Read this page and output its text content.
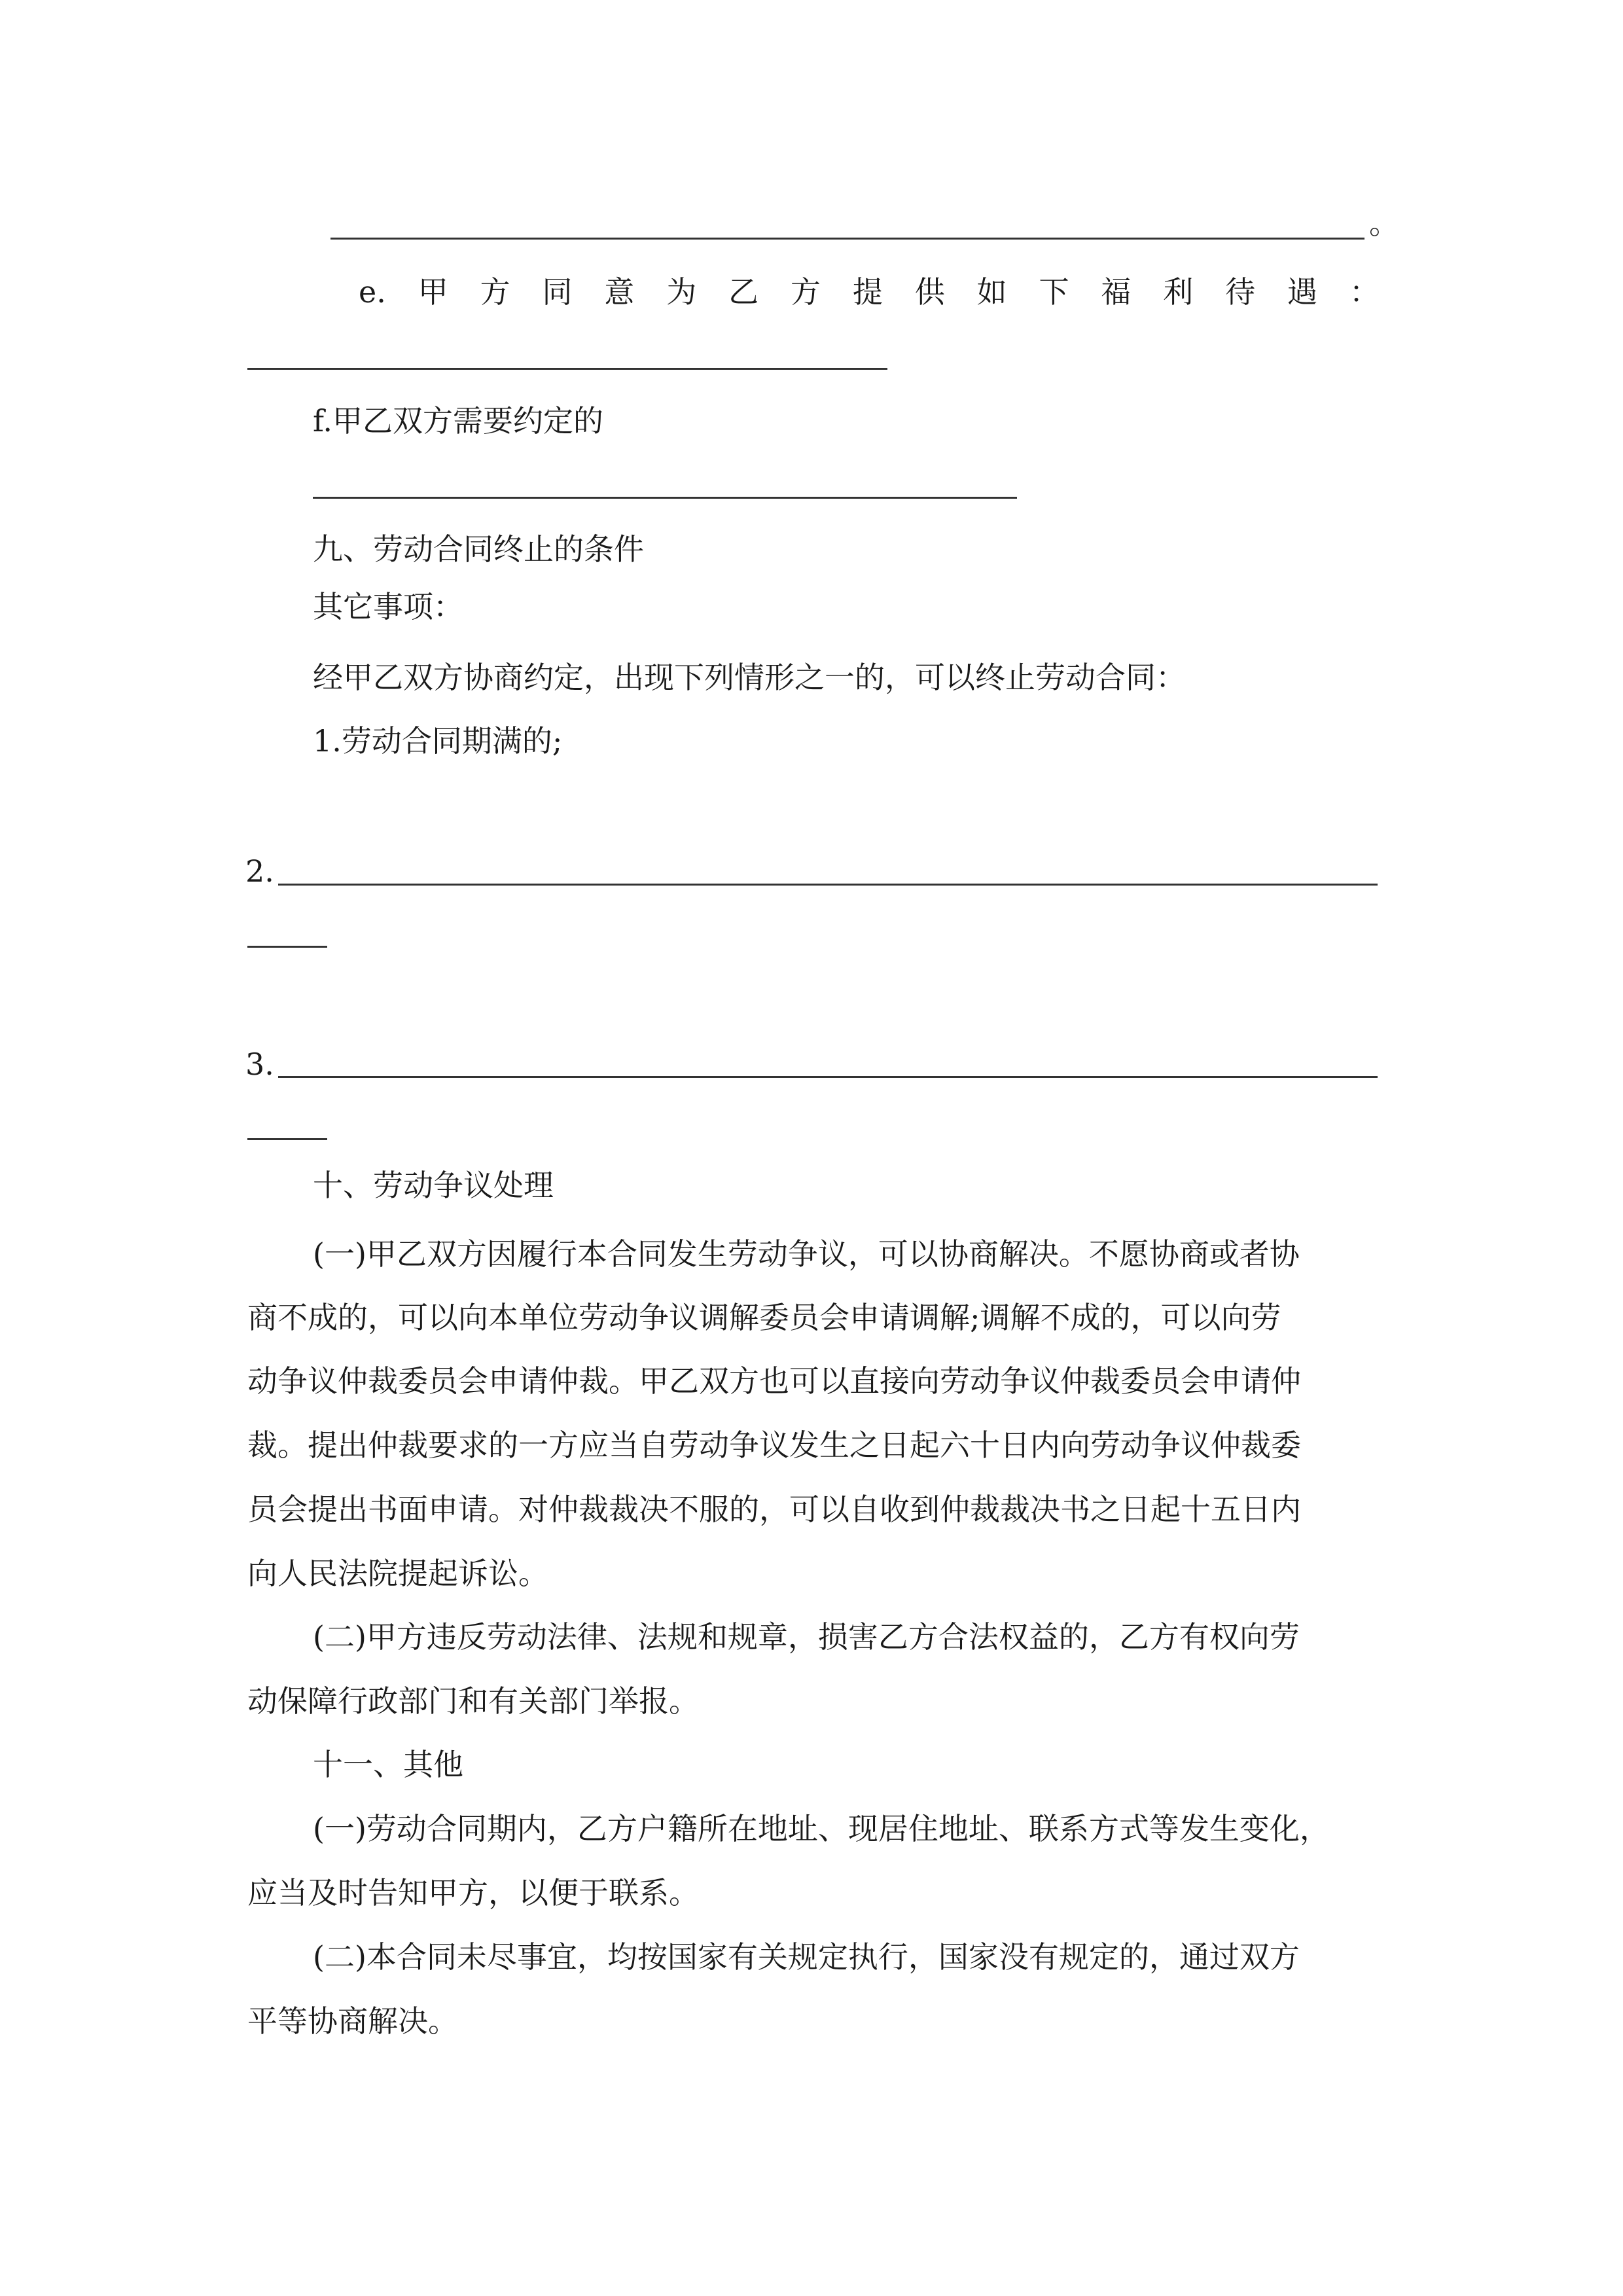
。
e. 甲 方 同 意 为 乙 方 提 供 如 下 福 利 待 遇 ：
f.甲乙双方需要约定的
九、劳动合同终止的条件
其它事项：
经甲乙双方协商约定，出现下列情形之一的，可以终止劳动合同：
1.劳动合同期满的;
2.
3.
十、劳动争议处理
(一)甲乙双方因履行本合同发生劳动争议，可以协商解决。不愿协商或者协
商不成的，可以向本单位劳动争议调解委员会申请调解;调解不成的，可以向劳
动争议仲裁委员会申请仲裁。甲乙双方也可以直接向劳动争议仲裁委员会申请仲
裁。提出仲裁要求的一方应当自劳动争议发生之日起六十日内向劳动争议仲裁委
员会提出书面申请。对仲裁裁决不服的，可以自收到仲裁裁决书之日起十五日内
向人民法院提起诉讼。
(二)甲方违反劳动法律、法规和规章，损害乙方合法权益的，乙方有权向劳
动保障行政部门和有关部门举报。
十一、其他
(一)劳动合同期内，乙方户籍所在地址、现居住地址、联系方式等发生变化，
应当及时告知甲方，以便于联系。
(二)本合同未尽事宜，均按国家有关规定执行，国家没有规定的，通过双方
平等协商解决。
